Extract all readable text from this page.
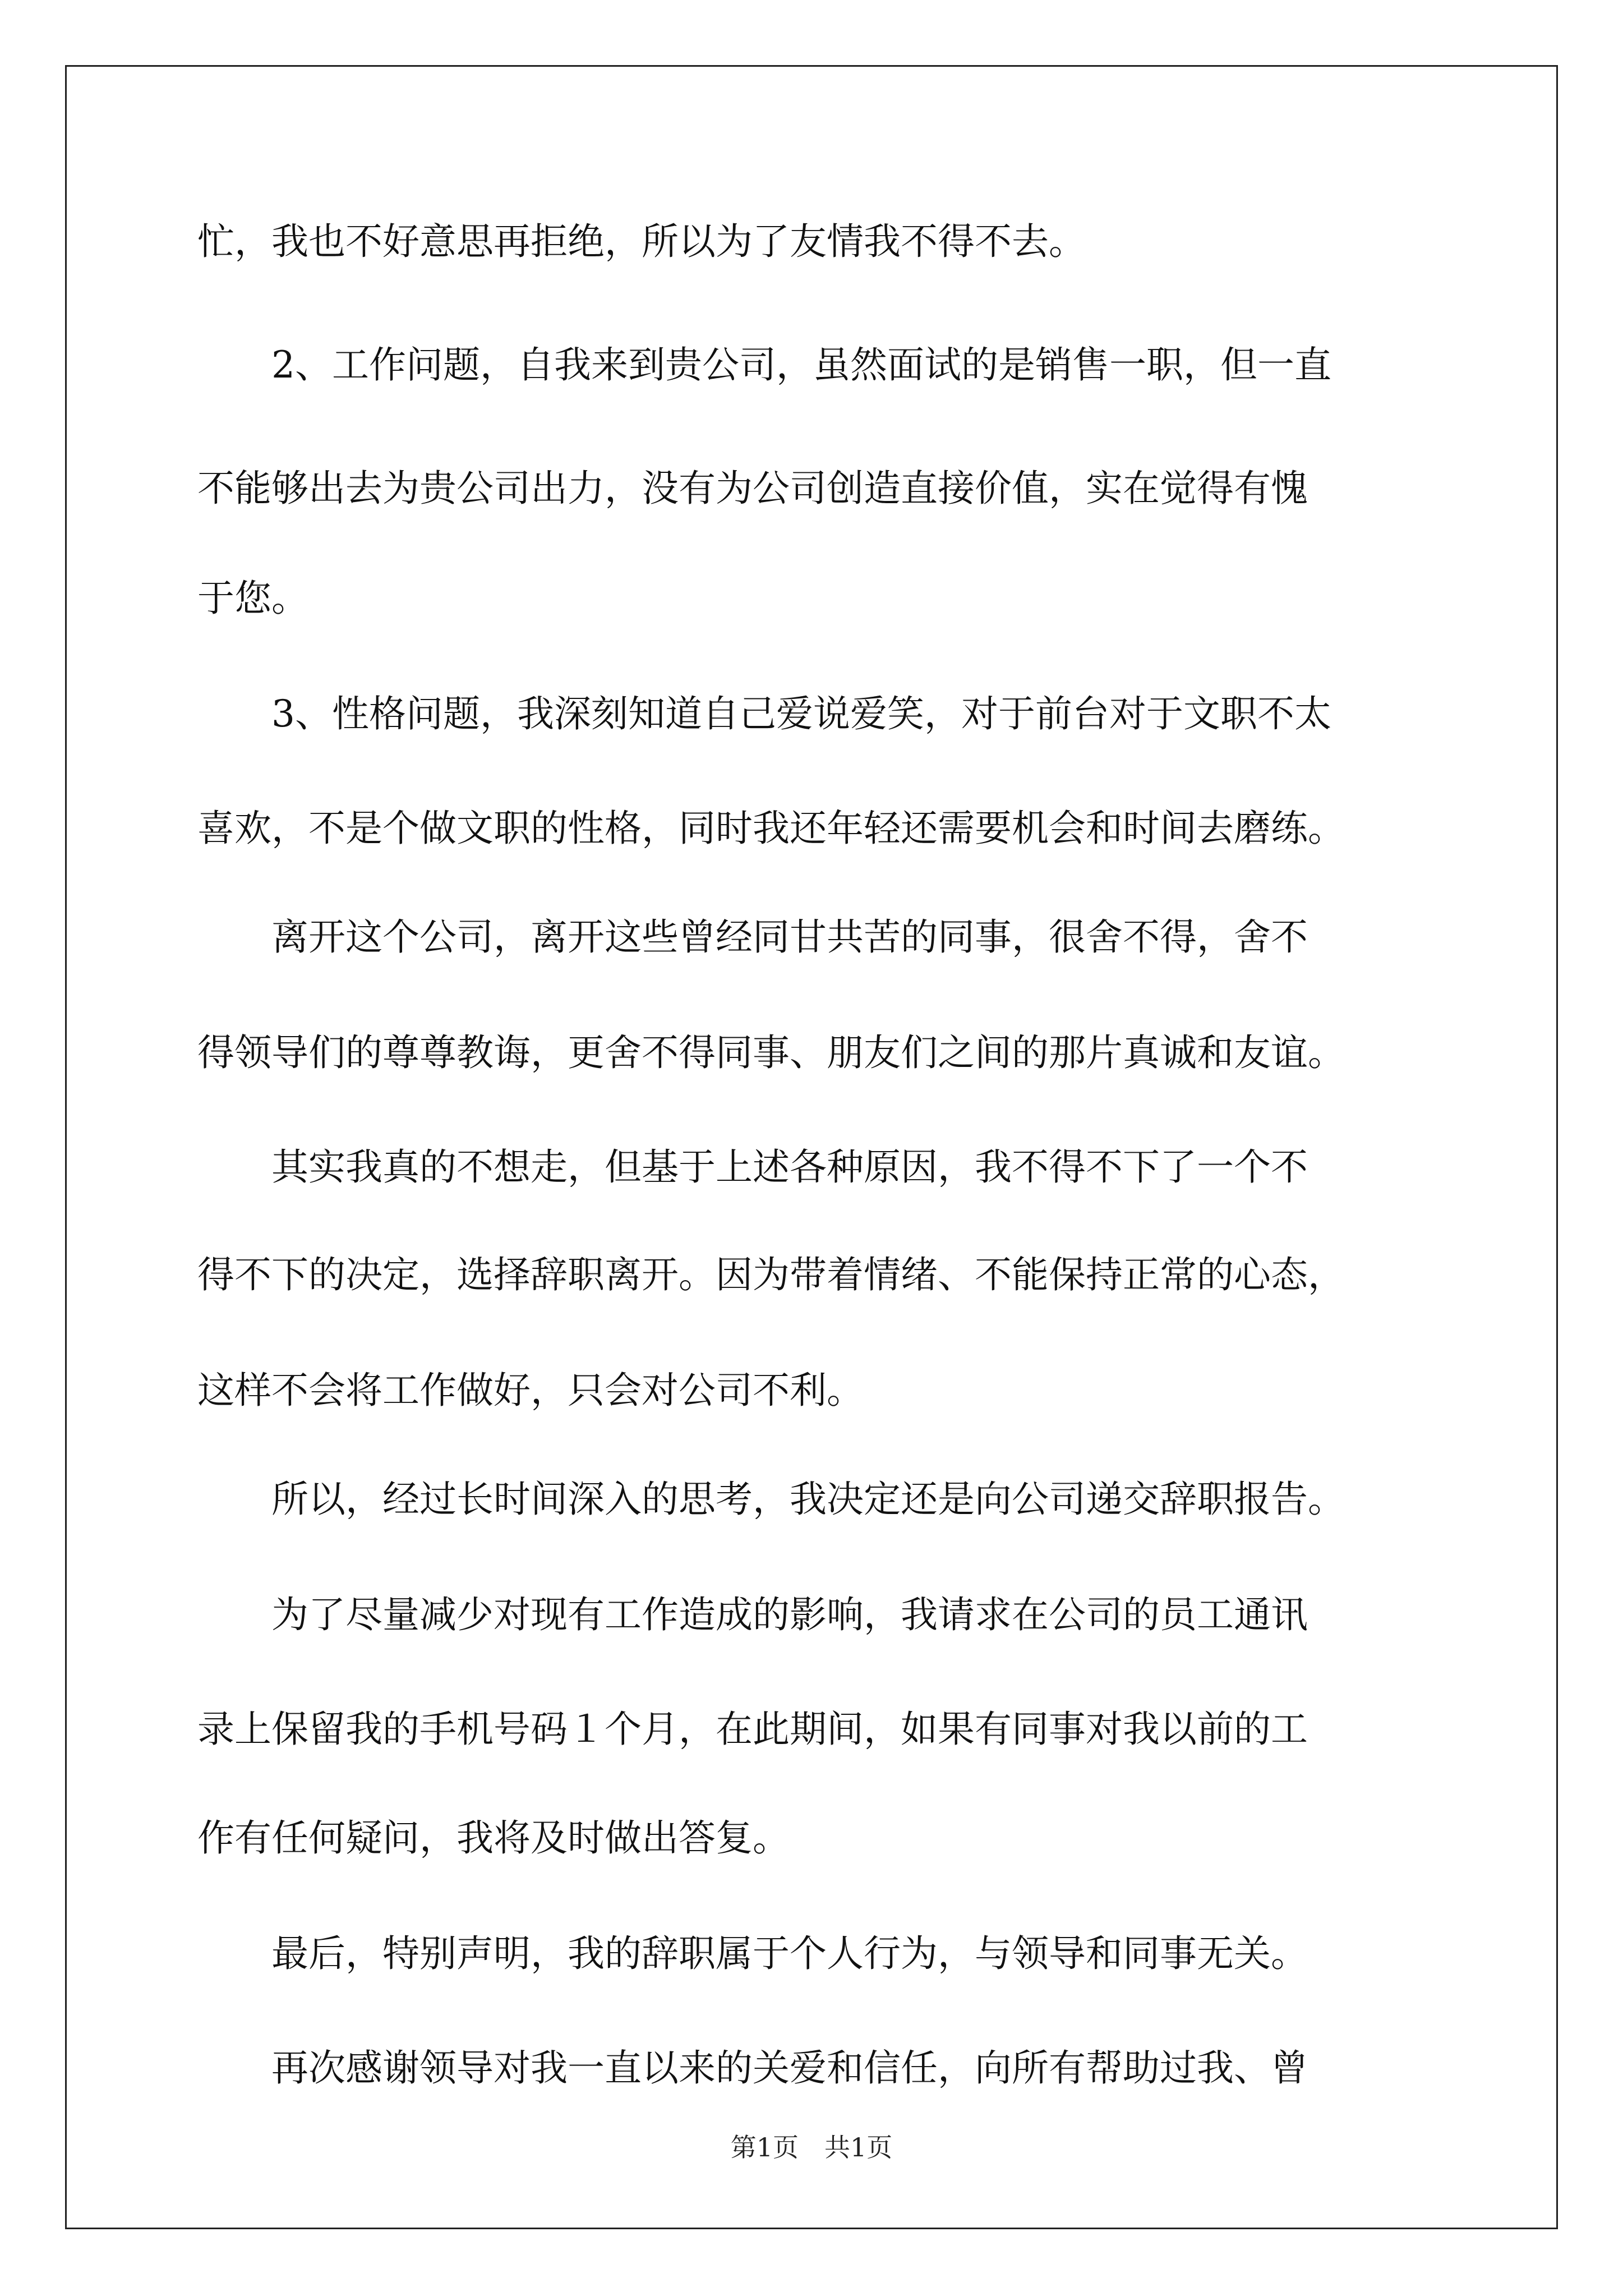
忙，我也不好意思再拒绝，所以为了友情我不得不去。
　　2、工作问题，自我来到贵公司，虽然面试的是销售一职，但一直
不能够出去为贵公司出力，没有为公司创造直接价值，实在觉得有愧
于您。
　　3、性格问题，我深刻知道自己爱说爱笑，对于前台对于文职不太
喜欢，不是个做文职的性格，同时我还年轻还需要机会和时间去磨练。
　　离开这个公司，离开这些曾经同甘共苦的同事，很舍不得，舍不
得领导们的尊尊教诲，更舍不得同事、朋友们之间的那片真诚和友谊。
　　其实我真的不想走，但基于上述各种原因，我不得不下了一个不
得不下的决定，选择辞职离开。因为带着情绪、不能保持正常的心态，
这样不会将工作做好，只会对公司不利。
　　所以，经过长时间深入的思考，我决定还是向公司递交辞职报告。
　　为了尽量减少对现有工作造成的影响，我请求在公司的员工通讯
录上保留我的手机号码１个月，在此期间，如果有同事对我以前的工
作有任何疑问，我将及时做出答复。
　　最后，特别声明，我的辞职属于个人行为，与领导和同事无关。
　　再次感谢领导对我一直以来的关爱和信任，向所有帮助过我、曾
第1页　共1页
